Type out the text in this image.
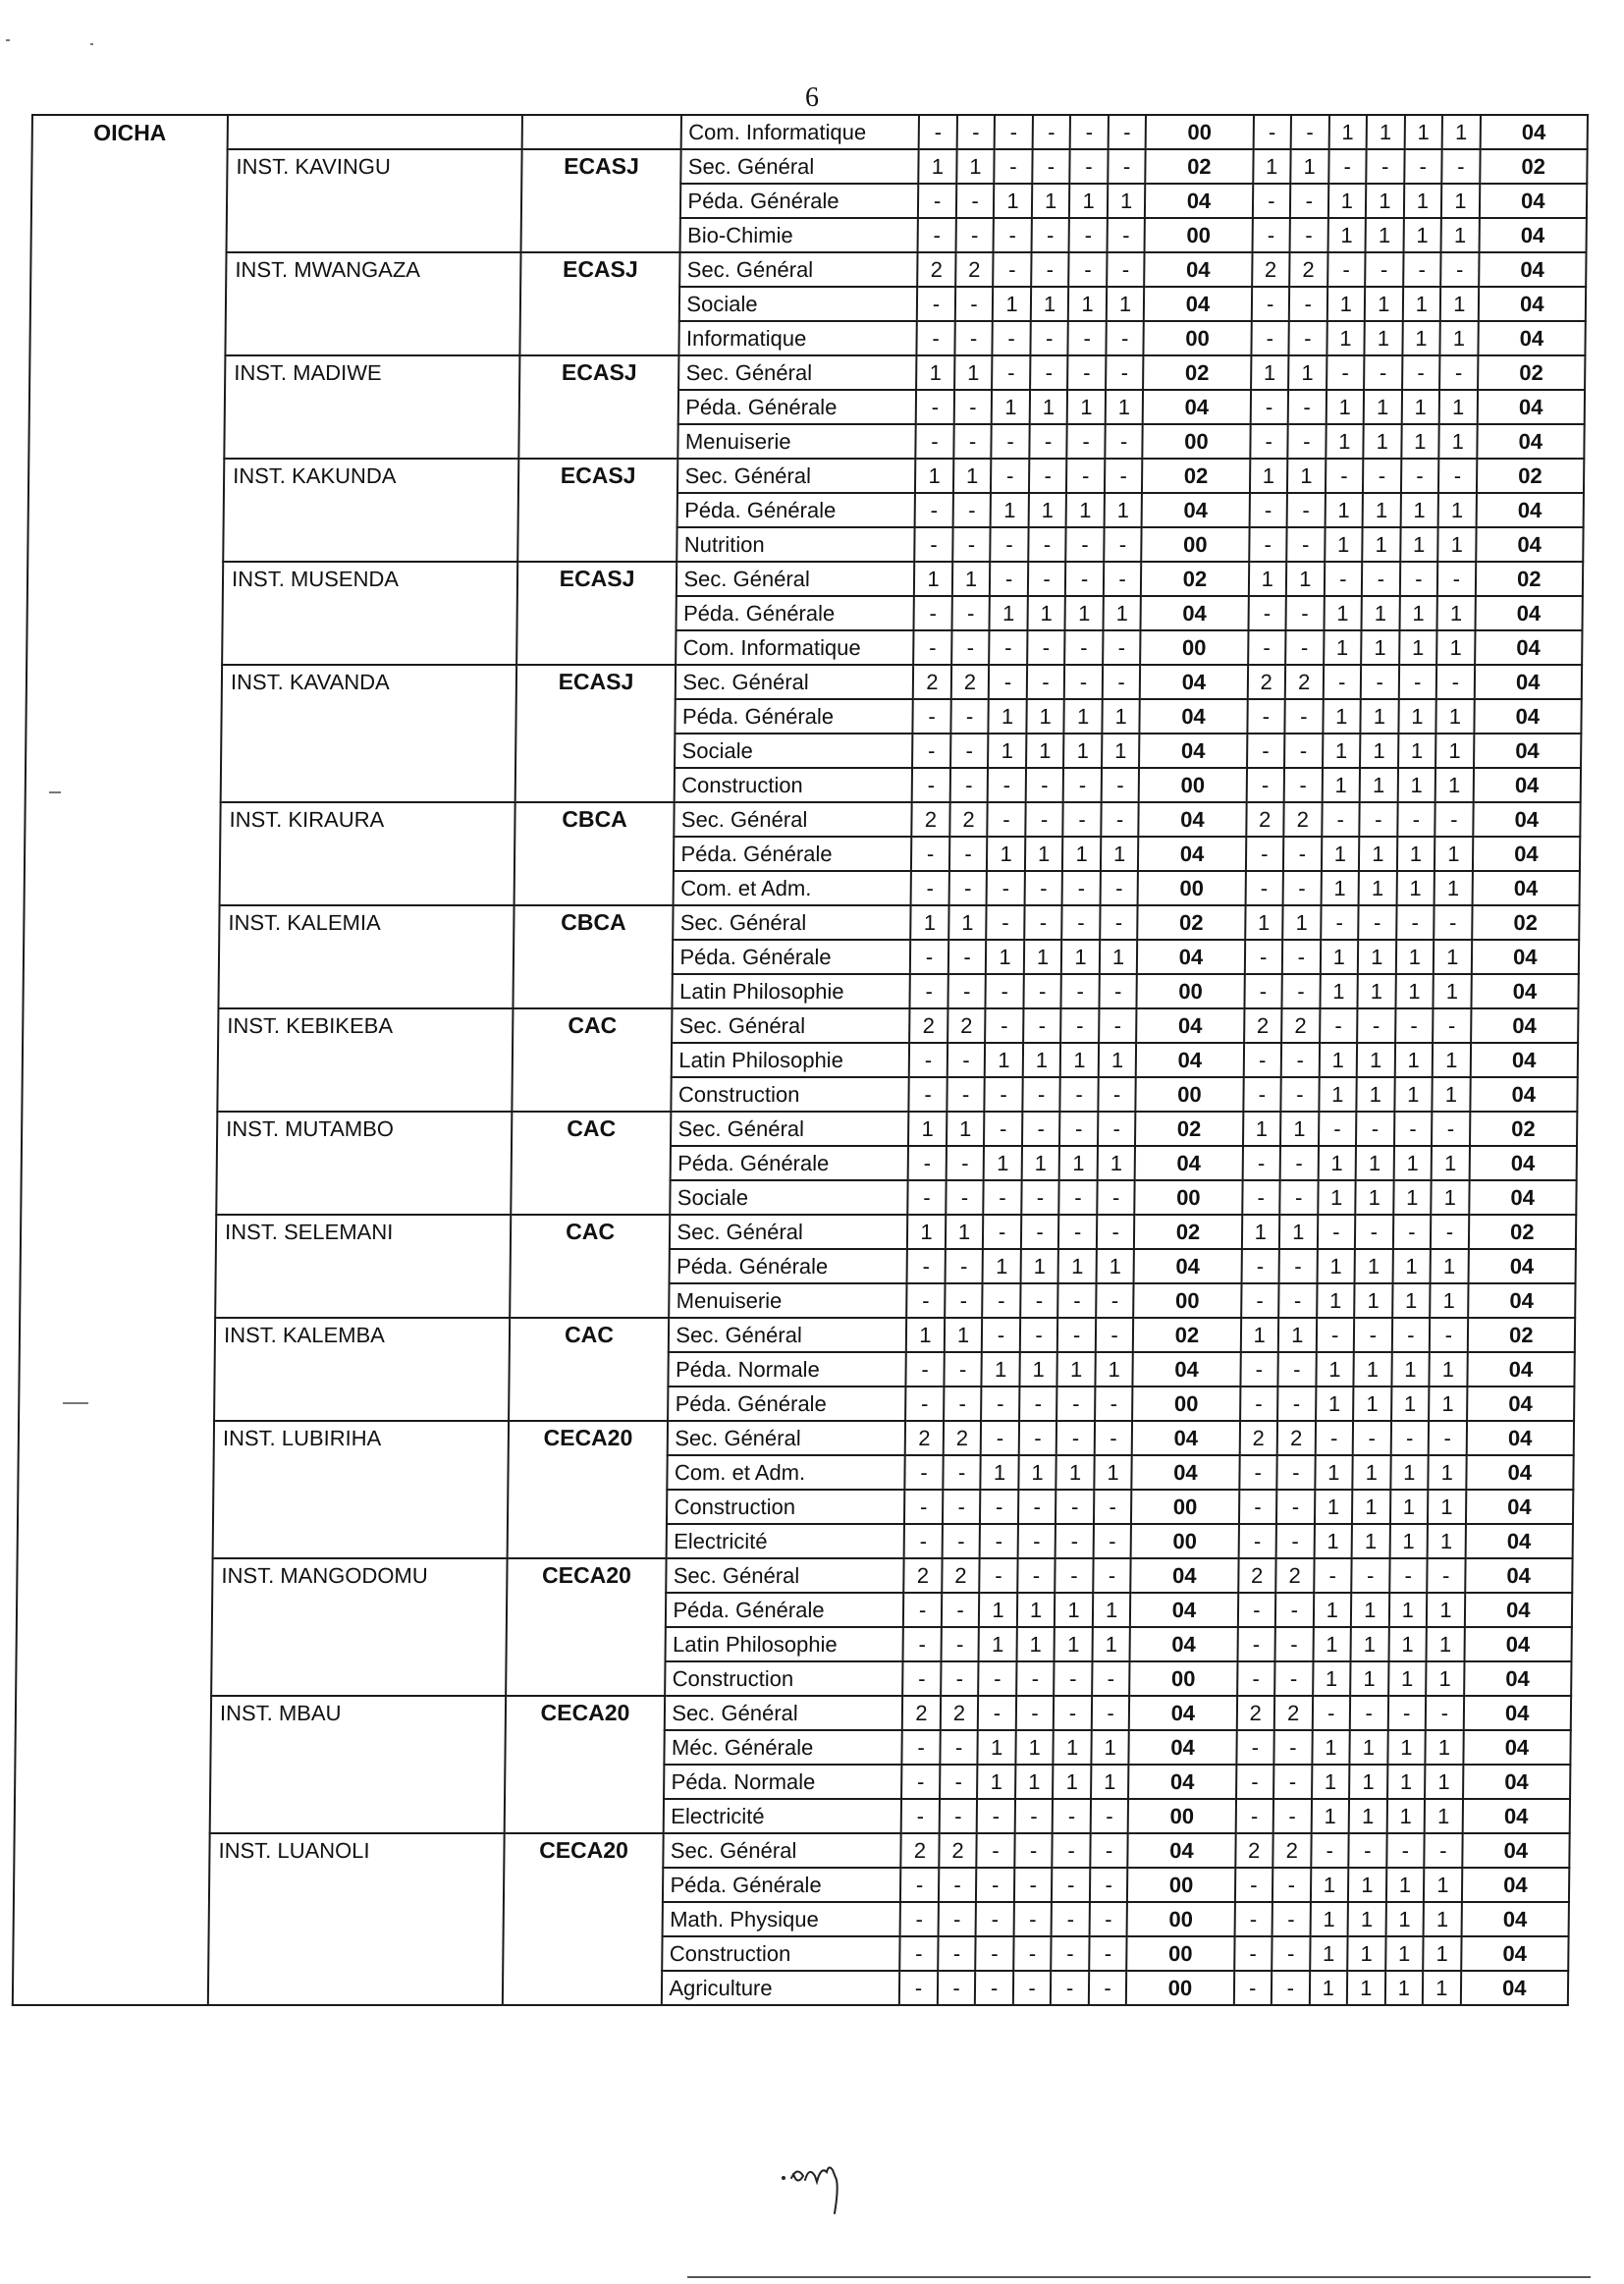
6
OICHA			Com. Informatique	-	-	-	-	-	-	00	-	-	1	1	1	1	04
	INST. KAVINGU	ECASJ	Sec. Général	1	1	-	-	-	-	02	1	1	-	-	-	-	02
			Péda. Générale	-	-	1	1	1	1	04	-	-	1	1	1	1	04
			Bio-Chimie	-	-	-	-	-	-	00	-	-	1	1	1	1	04
	INST. MWANGAZA	ECASJ	Sec. Général	2	2	-	-	-	-	04	2	2	-	-	-	-	04
			Sociale	-	-	1	1	1	1	04	-	-	1	1	1	1	04
			Informatique	-	-	-	-	-	-	00	-	-	1	1	1	1	04
	INST. MADIWE	ECASJ	Sec. Général	1	1	-	-	-	-	02	1	1	-	-	-	-	02
			Péda. Générale	-	-	1	1	1	1	04	-	-	1	1	1	1	04
			Menuiserie	-	-	-	-	-	-	00	-	-	1	1	1	1	04
	INST. KAKUNDA	ECASJ	Sec. Général	1	1	-	-	-	-	02	1	1	-	-	-	-	02
			Péda. Générale	-	-	1	1	1	1	04	-	-	1	1	1	1	04
			Nutrition	-	-	-	-	-	-	00	-	-	1	1	1	1	04
	INST. MUSENDA	ECASJ	Sec. Général	1	1	-	-	-	-	02	1	1	-	-	-	-	02
			Péda. Générale	-	-	1	1	1	1	04	-	-	1	1	1	1	04
			Com. Informatique	-	-	-	-	-	-	00	-	-	1	1	1	1	04
	INST. KAVANDA	ECASJ	Sec. Général	2	2	-	-	-	-	04	2	2	-	-	-	-	04
			Péda. Générale	-	-	1	1	1	1	04	-	-	1	1	1	1	04
			Sociale	-	-	1	1	1	1	04	-	-	1	1	1	1	04
			Construction	-	-	-	-	-	-	00	-	-	1	1	1	1	04
	INST. KIRAURA	CBCA	Sec. Général	2	2	-	-	-	-	04	2	2	-	-	-	-	04
			Péda. Générale	-	-	1	1	1	1	04	-	-	1	1	1	1	04
			Com. et Adm.	-	-	-	-	-	-	00	-	-	1	1	1	1	04
	INST. KALEMIA	CBCA	Sec. Général	1	1	-	-	-	-	02	1	1	-	-	-	-	02
			Péda. Générale	-	-	1	1	1	1	04	-	-	1	1	1	1	04
			Latin Philosophie	-	-	-	-	-	-	00	-	-	1	1	1	1	04
	INST. KEBIKEBA	CAC	Sec. Général	2	2	-	-	-	-	04	2	2	-	-	-	-	04
			Latin Philosophie	-	-	1	1	1	1	04	-	-	1	1	1	1	04
			Construction	-	-	-	-	-	-	00	-	-	1	1	1	1	04
	INST. MUTAMBO	CAC	Sec. Général	1	1	-	-	-	-	02	1	1	-	-	-	-	02
			Péda. Générale	-	-	1	1	1	1	04	-	-	1	1	1	1	04
			Sociale	-	-	-	-	-	-	00	-	-	1	1	1	1	04
	INST. SELEMANI	CAC	Sec. Général	1	1	-	-	-	-	02	1	1	-	-	-	-	02
			Péda. Générale	-	-	1	1	1	1	04	-	-	1	1	1	1	04
			Menuiserie	-	-	-	-	-	-	00	-	-	1	1	1	1	04
	INST. KALEMBA	CAC	Sec. Général	1	1	-	-	-	-	02	1	1	-	-	-	-	02
			Péda. Normale	-	-	1	1	1	1	04	-	-	1	1	1	1	04
			Péda. Générale	-	-	-	-	-	-	00	-	-	1	1	1	1	04
	INST. LUBIRIHA	CECA20	Sec. Général	2	2	-	-	-	-	04	2	2	-	-	-	-	04
			Com. et Adm.	-	-	1	1	1	1	04	-	-	1	1	1	1	04
			Construction	-	-	-	-	-	-	00	-	-	1	1	1	1	04
			Electricité	-	-	-	-	-	-	00	-	-	1	1	1	1	04
	INST. MANGODOMU	CECA20	Sec. Général	2	2	-	-	-	-	04	2	2	-	-	-	-	04
			Péda. Générale	-	-	1	1	1	1	04	-	-	1	1	1	1	04
			Latin Philosophie	-	-	1	1	1	1	04	-	-	1	1	1	1	04
			Construction	-	-	-	-	-	-	00	-	-	1	1	1	1	04
	INST. MBAU	CECA20	Sec. Général	2	2	-	-	-	-	04	2	2	-	-	-	-	04
			Méc. Générale	-	-	1	1	1	1	04	-	-	1	1	1	1	04
			Péda. Normale	-	-	1	1	1	1	04	-	-	1	1	1	1	04
			Electricité	-	-	-	-	-	-	00	-	-	1	1	1	1	04
	INST. LUANOLI	CECA20	Sec. Général	2	2	-	-	-	-	04	2	2	-	-	-	-	04
			Péda. Générale	-	-	-	-	-	-	00	-	-	1	1	1	1	04
			Math. Physique	-	-	-	-	-	-	00	-	-	1	1	1	1	04
			Construction	-	-	-	-	-	-	00	-	-	1	1	1	1	04
			Agriculture	-	-	-	-	-	-	00	-	-	1	1	1	1	04
